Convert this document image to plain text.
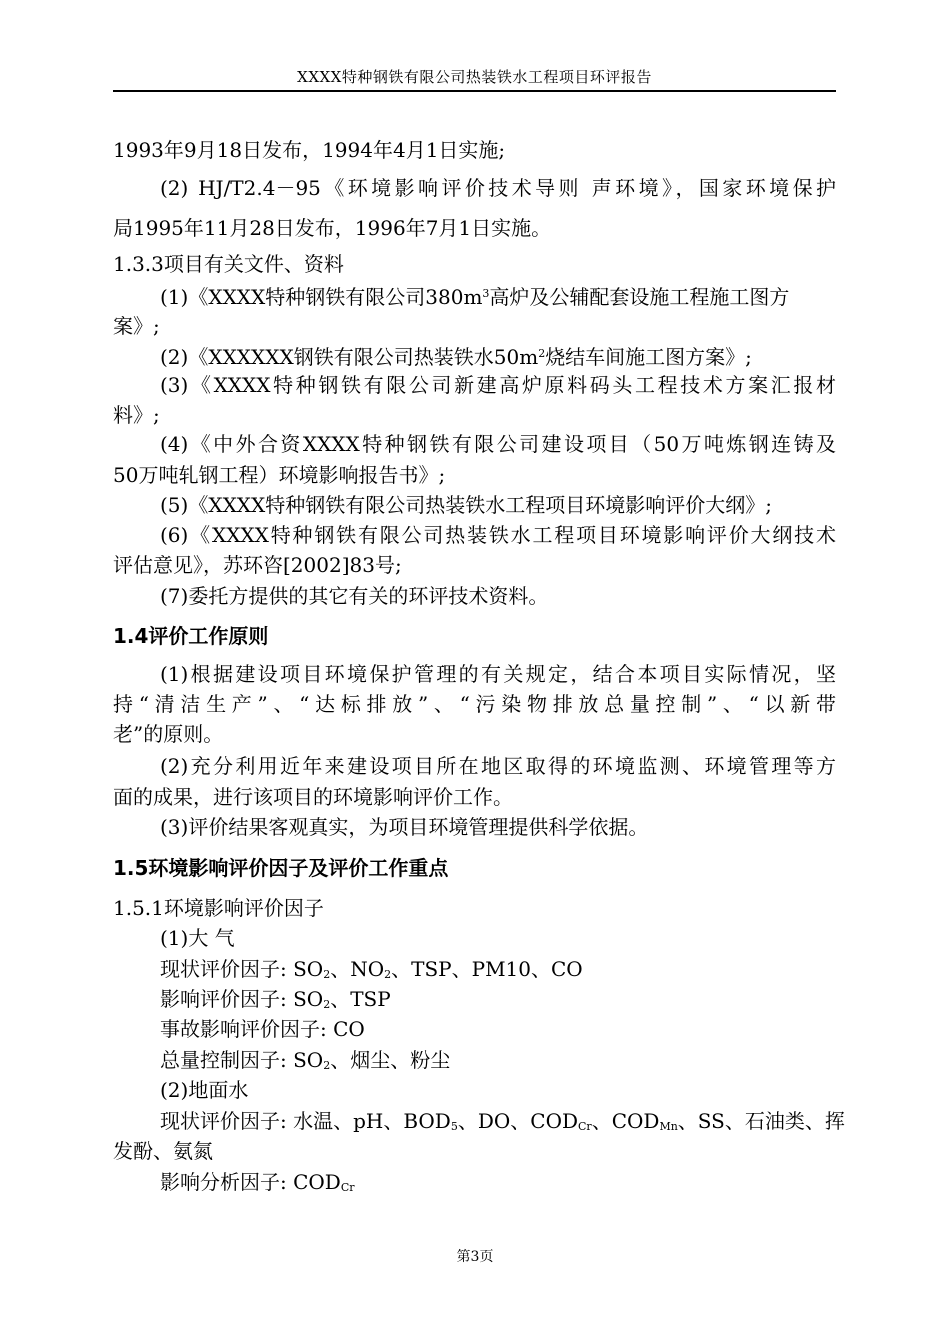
XXXX特种钢铁有限公司热装铁水工程项目环评报告
1993年9月18日发布，1994年4月1日实施;
(2) HJ/T2.4－95《环境影响评价技术导则 声环境》，国家环境保护
局1995年11月28日发布，1996年7月1日实施。
1.3.3项目有关文件、资料
(1)《XXXX特种钢铁有限公司$380m^3$高炉及公辅配套设施工程施工图方
案》;
(2)《XXXXXX钢铁有限公司热装铁水$50m^2$烧结车间施工图方案》;
(3)《XXXX特种钢铁有限公司新建高炉原料码头工程技术方案汇报材
料》;
(4)《中外合资XXXX特种钢铁有限公司建设项目（50万吨炼钢连铸及
50万吨轧钢工程）环境影响报告书》;
(5)《XXXX特种钢铁有限公司热装铁水工程项目环境影响评价大纲》;
(6)《XXXX特种钢铁有限公司热装铁水工程项目环境影响评价大纲技术
评估意见》，苏环咨[2002]83号;
(7)委托方提供的其它有关的环评技术资料。
1.4评价工作原则
(1)根据建设项目环境保护管理的有关规定，结合本项目实际情况，坚
持“清洁生产”、“达标排放”、“污染物排放总量控制”、“以新带
老”的原则。
(2)充分利用近年来建设项目所在地区取得的环境监测、环境管理等方
面的成果，进行该项目的环境影响评价工作。
(3)评价结果客观真实，为项目环境管理提供科学依据。
1.5环境影响评价因子及评价工作重点
1.5.1环境影响评价因子
(1)大 气
现状评价因子: $SO_2$、$NO_2$、TSP、PM10、CO
影响评价因子: $SO_2$、TSP
事故影响评价因子: CO
总量控制因子: $SO_2$、烟尘、粉尘
(2)地面水
现状评价因子: 水温、pH、$BOD_5$、DO、$COD_{Cr}$、$COD_{Mn}$、SS、石油类、挥
发酚、氨氮
影响分析因子: $COD_{Cr}$
第3页
